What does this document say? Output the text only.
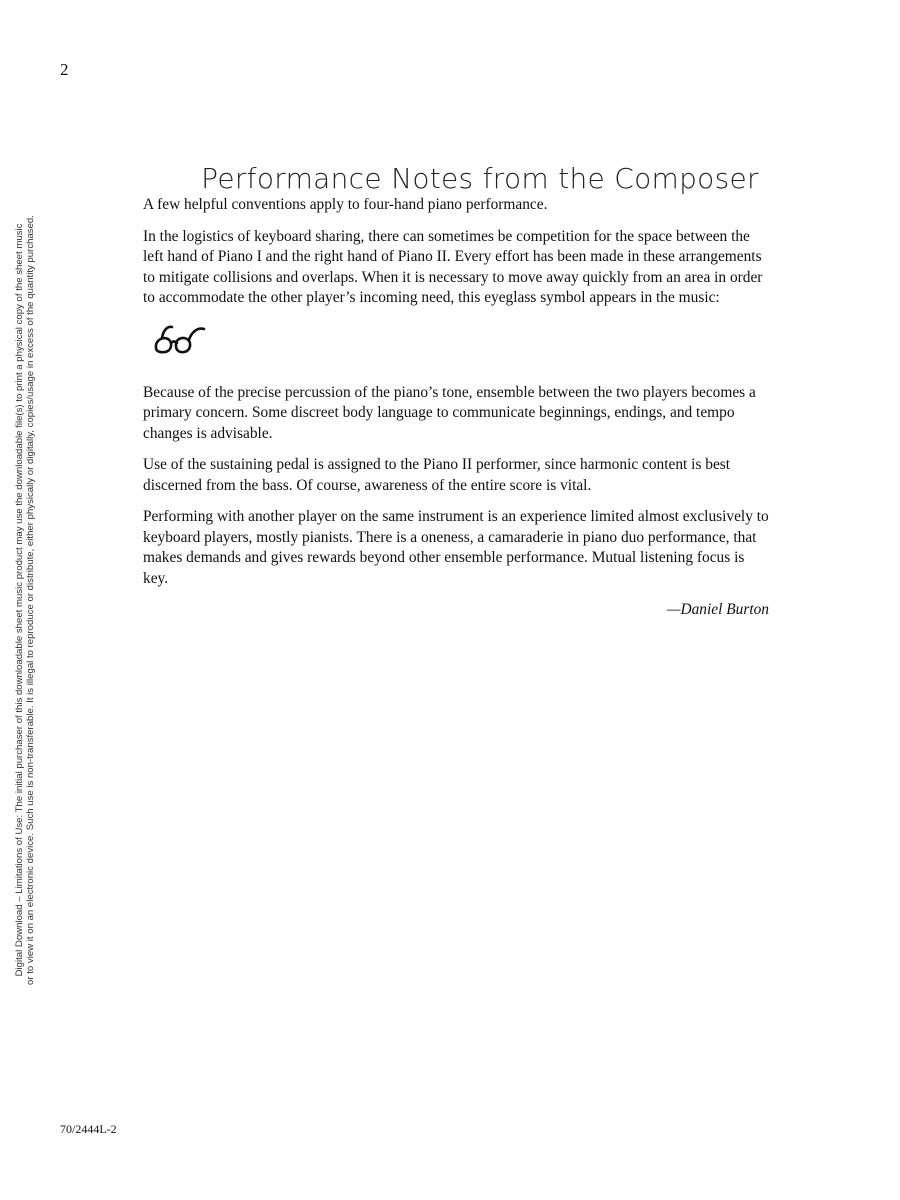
2
Digital Download – Limitations of Use: The initial purchaser of this downloadable sheet music product may use the downloadable file(s) to print a physical copy of the sheet music or to view it on an electronic device. Such use is non-transferable. It is illegal to reproduce or distribute, either physically or digitally, copies/usage in excess of the quantity purchased.
Performance Notes from the Composer

A few helpful conventions apply to four-hand piano performance.

In the logistics of keyboard sharing, there can sometimes be competition for the space between the left hand of Piano I and the right hand of Piano II. Every effort has been made in these arrangements to mitigate collisions and overlaps. When it is necessary to move away quickly from an area in order to accommodate the other player’s incoming need, this eyeglass symbol appears in the music:

Because of the precise percussion of the piano’s tone, ensemble between the two players becomes a primary concern. Some discreet body language to communicate beginnings, endings, and tempo changes is advisable.

Use of the sustaining pedal is assigned to the Piano II performer, since harmonic content is best discerned from the bass. Of course, awareness of the entire score is vital.

Performing with another player on the same instrument is an experience limited almost exclusively to keyboard players, mostly pianists. There is a oneness, a camaraderie in piano duo performance, that makes demands and gives rewards beyond other ensemble performance. Mutual listening focus is key.

—Daniel Burton
70/2444L-2
